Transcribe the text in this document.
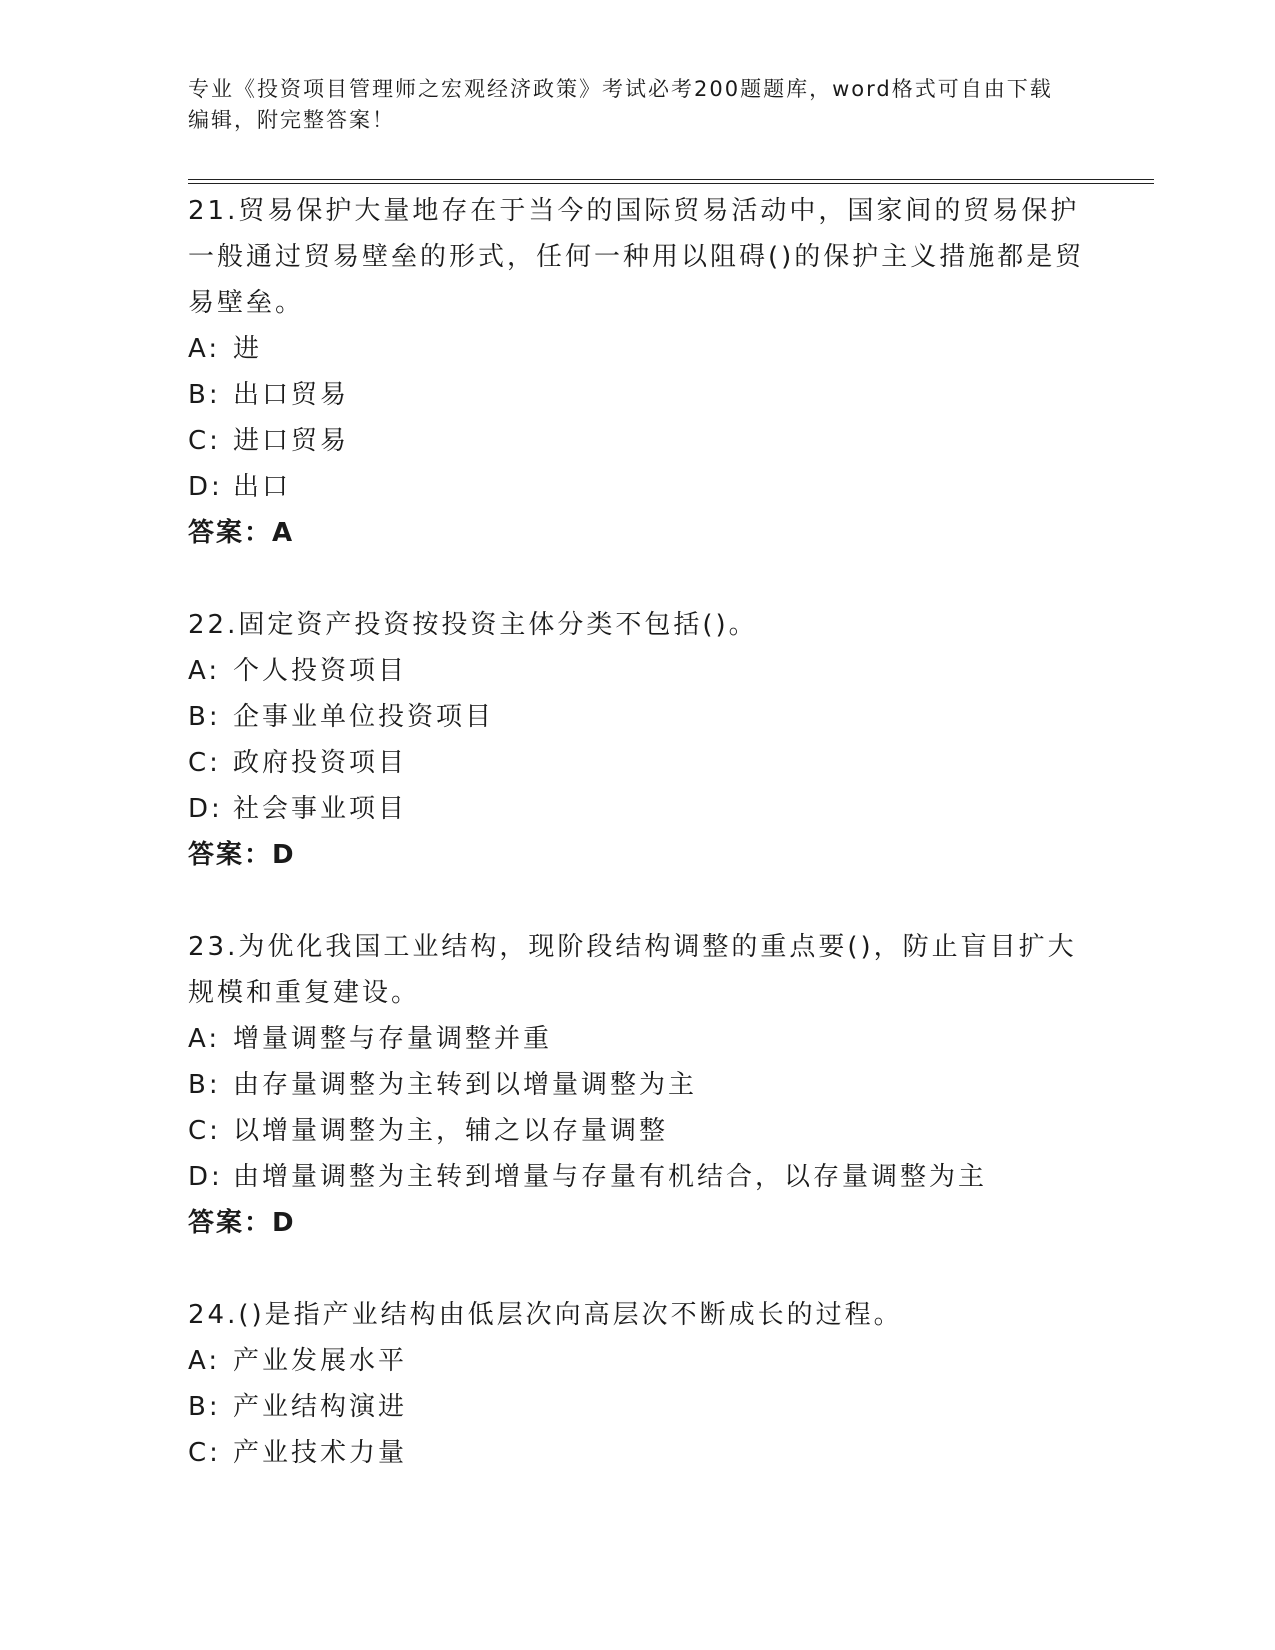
专业《投资项目管理师之宏观经济政策》考试必考200题题库，word格式可自由下载编辑，附完整答案！

21.贸易保护大量地存在于当今的国际贸易活动中，国家间的贸易保护一般通过贸易壁垒的形式，任何一种用以阻碍()的保护主义措施都是贸易壁垒。

A: 进
B: 出口贸易
C: 进口贸易
D: 出口

答案：A

22.固定资产投资按投资主体分类不包括()。

A: 个人投资项目
B: 企事业单位投资项目
C: 政府投资项目
D: 社会事业项目

答案：D

23.为优化我国工业结构，现阶段结构调整的重点要()，防止盲目扩大规模和重复建设。

A: 增量调整与存量调整并重
B: 由存量调整为主转到以增量调整为主
C: 以增量调整为主，辅之以存量调整
D: 由增量调整为主转到增量与存量有机结合，以存量调整为主

答案：D

24.()是指产业结构由低层次向高层次不断成长的过程。

A: 产业发展水平
B: 产业结构演进
C: 产业技术力量
